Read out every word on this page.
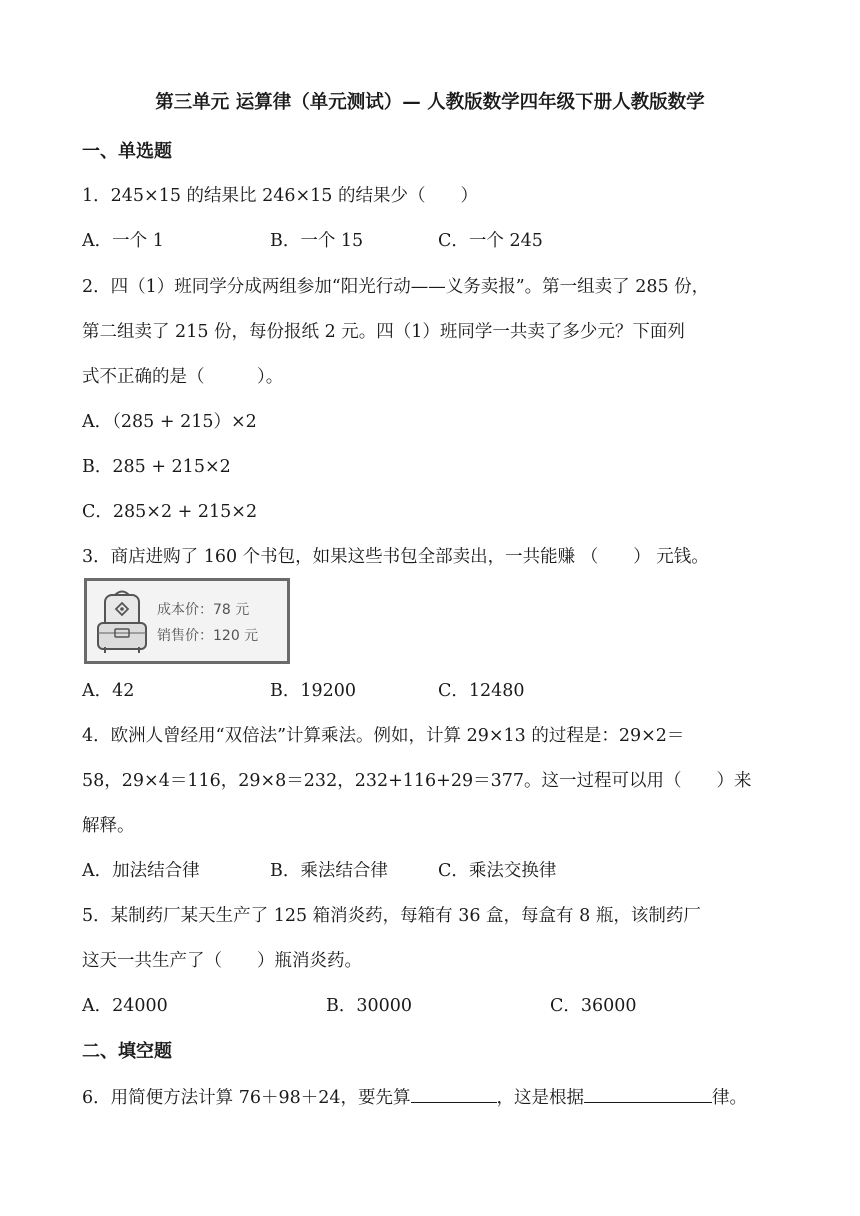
第三单元 运算律（单元测试）— 人教版数学四年级下册人教版数学
一、单选题
1．245×15 的结果比 246×15 的结果少（　　）
A．一个 1	B．一个 15	C．一个 245
2．四（1）班同学分成两组参加“阳光行动——义务卖报”。第一组卖了 285 份，
第二组卖了 215 份，每份报纸 2 元。四（1）班同学一共卖了多少元？下面列
式不正确的是（　　　）。
A．（285 + 215）×2
B．285 + 215×2
C．285×2 + 215×2
3．商店进购了 160 个书包，如果这些书包全部卖出，一共能赚 （　　） 元钱。
成本价：78 元
销售价：120 元
A．42	B．19200	C．12480
4．欧洲人曾经用“双倍法”计算乘法。例如，计算 29×13 的过程是：29×2＝
58，29×4＝116，29×8＝232，232+116+29＝377。这一过程可以用（　　）来
解释。
A．加法结合律	B．乘法结合律	C．乘法交换律
5．某制药厂某天生产了 125 箱消炎药，每箱有 36 盒，每盒有 8 瓶，该制药厂
这天一共生产了（　　）瓶消炎药。
A．24000	B．30000	C．36000
二、填空题
6．用简便方法计算 76＋98＋24，要先算	，这是根据	律。
